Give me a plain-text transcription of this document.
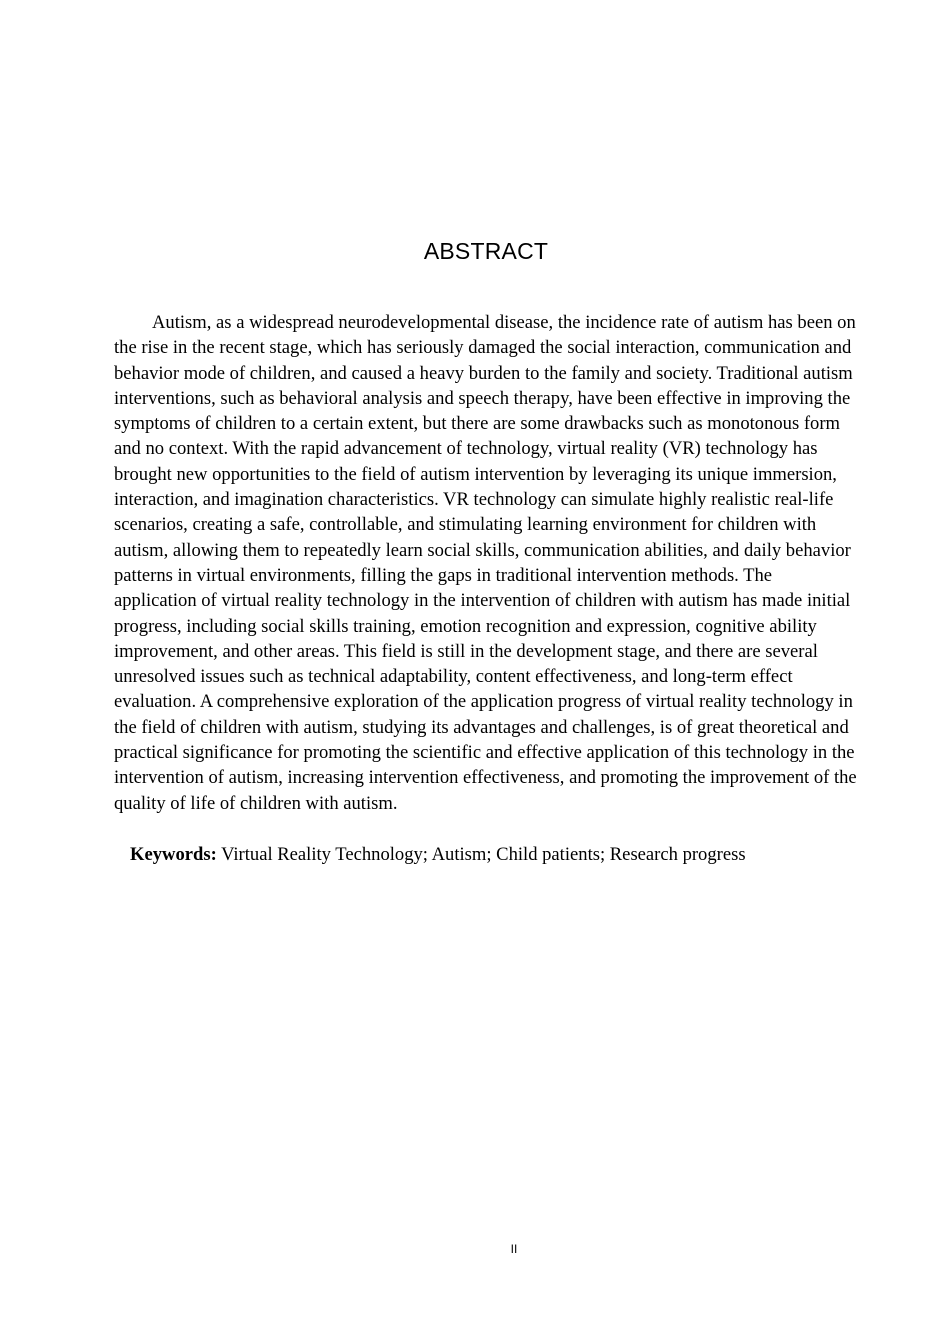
ABSTRACT

Autism, as a widespread neurodevelopmental disease, the incidence rate of autism has been on the rise in the recent stage, which has seriously damaged the social interaction, communication and behavior mode of children, and caused a heavy burden to the family and society. Traditional autism interventions, such as behavioral analysis and speech therapy, have been effective in improving the symptoms of children to a certain extent, but there are some drawbacks such as monotonous form and no context. With the rapid advancement of technology, virtual reality (VR) technology has brought new opportunities to the field of autism intervention by leveraging its unique immersion, interaction, and imagination characteristics. VR technology can simulate highly realistic real-life scenarios, creating a safe, controllable, and stimulating learning environment for children with autism, allowing them to repeatedly learn social skills, communication abilities, and daily behavior patterns in virtual environments, filling the gaps in traditional intervention methods. The application of virtual reality technology in the intervention of children with autism has made initial progress, including social skills training, emotion recognition and expression, cognitive ability improvement, and other areas. This field is still in the development stage, and there are several unresolved issues such as technical adaptability, content effectiveness, and long-term effect evaluation. A comprehensive exploration of the application progress of virtual reality technology in the field of children with autism, studying its advantages and challenges, is of great theoretical and practical significance for promoting the scientific and effective application of this technology in the intervention of autism, increasing intervention effectiveness, and promoting the improvement of the quality of life of children with autism.

Keywords: Virtual Reality Technology; Autism; Child patients; Research progress

II
